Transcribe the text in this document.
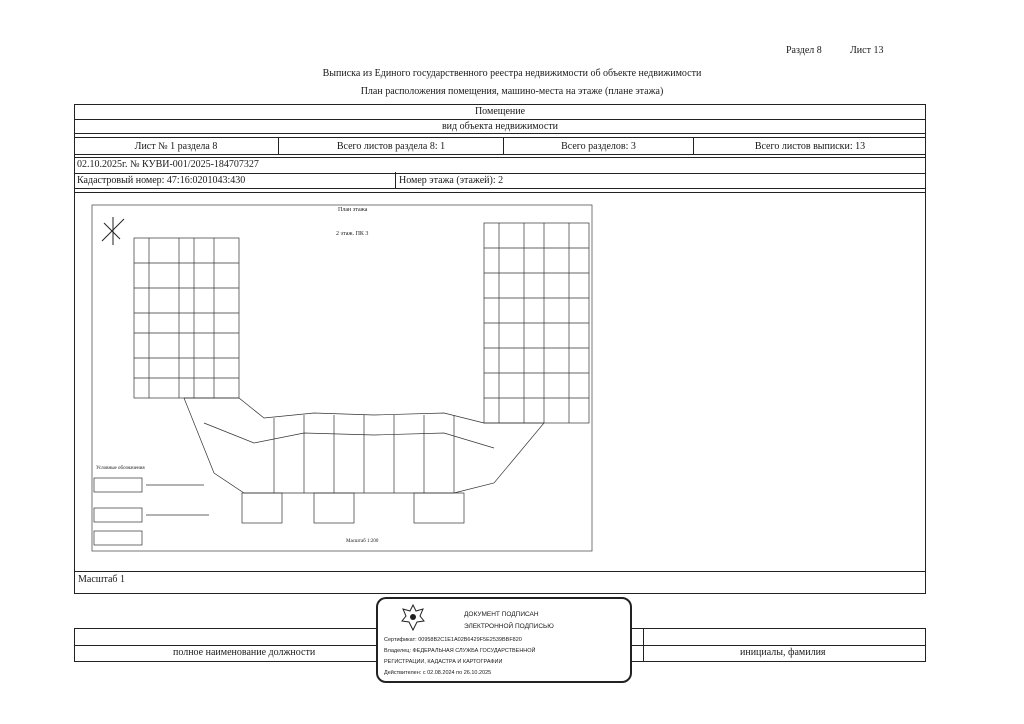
Раздел 8	Лист 13
Выписка из Единого государственного реестра недвижимости об объекте недвижимости
План расположения помещения, машино-места на этаже (плане этажа)
Помещение
вид объекта недвижимости
Лист № 1 раздела 8	Всего листов раздела 8: 1	Всего разделов: 3	Всего листов выписки: 13
02.10.2025г. № КУВИ-001/2025-184707327
Кадастровый номер: 47:16:0201043:430	Номер этажа (этажей): 2
План этажа
2 этаж. ПК 3
Условные обозначения
Масштаб 1:200
Масштаб 1
полное наименование должности	инициалы, фамилия
ДОКУМЕНТ ПОДПИСАН
ЭЛЕКТРОННОЙ ПОДПИСЬЮ
Сертификат: 00958B2C1E1A02B6429F5E2539BBF820
Владелец: ФЕДЕРАЛЬНАЯ СЛУЖБА ГОСУДАРСТВЕННОЙ
РЕГИСТРАЦИИ, КАДАСТРА И КАРТОГРАФИИ
Действителен: с 02.08.2024 по 26.10.2025
